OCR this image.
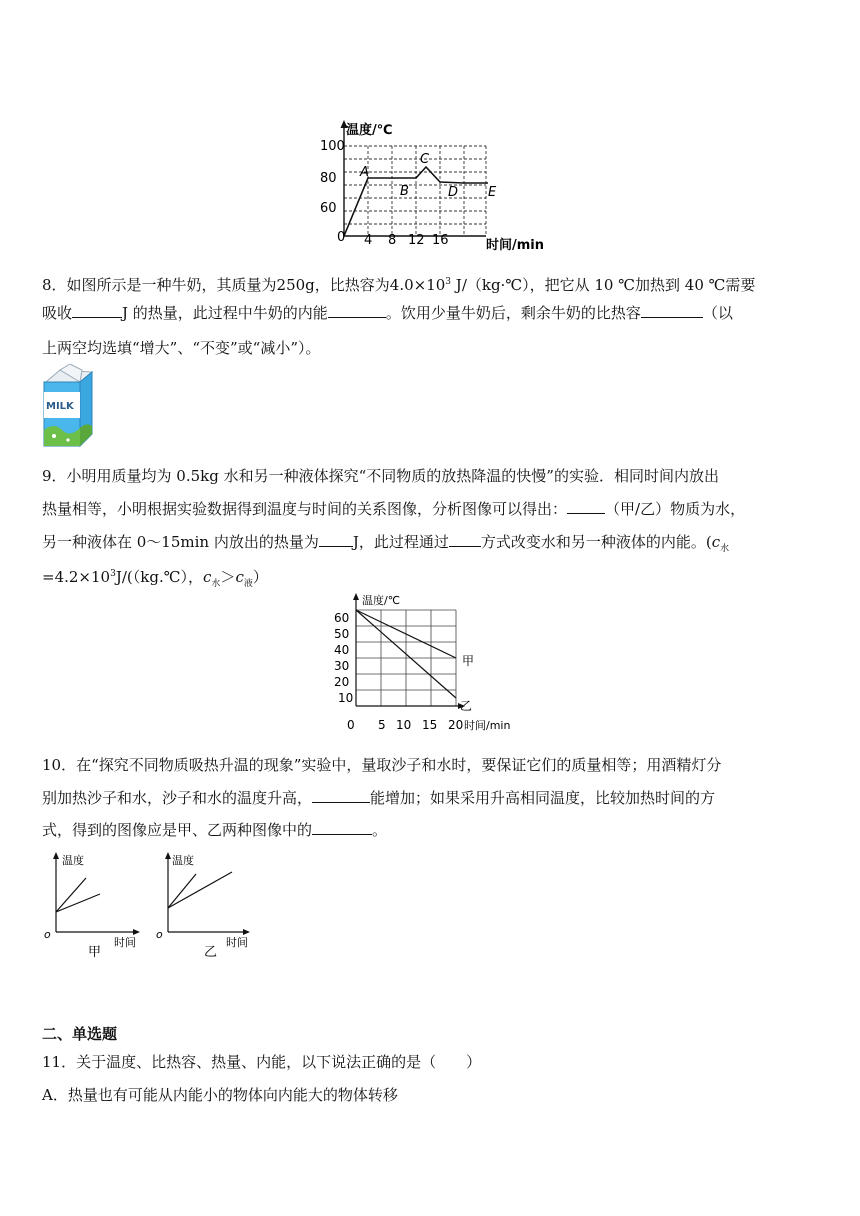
温度/℃
100
80
60
0 4 8 12 16	时间/min
A
B
C
D E
8．如图所示是一种牛奶，其质量为250g，比热容为$4.0\times 10^3$ J/（kg·℃），把它从 10 ℃加热到 40 ℃需要
吸收	J 的热量，此过程中牛奶的内能	。饮用少量牛奶后，剩余牛奶的比热容	（以
上两空均选填“增大”、“不变”或“减小”）。
MILK
9．小明用质量均为 0.5kg 水和另一种液体探究“不同物质的放热降温的快慢”的实验．相同时间内放出
热量相等，小明根据实验数据得到温度与时间的关系图像，分析图像可以得出：	（甲/乙）物质为水，
另一种液体在 0～15min 内放出的热量为 J，此过程通过 方式改变水和另一种液体的内能。($c_水$
$=4.2\times 10^3J/((kg.℃)$，$c_水>c_液$）
温度/℃
60
50
40
30
20
10
0 5 10 15 20 时间/min
甲
乙
10．在“探究不同物质吸热升温的现象”实验中，量取沙子和水时，要保证它们的质量相等；用酒精灯分
别加热沙子和水，沙子和水的温度升高，	能增加；如果采用升高相同温度，比较加热时间的方
式，得到的图像应是甲、乙两种图像中的	。
温度
o
时间
甲
温度
o
时间
乙
二、单选题
11．关于温度、比热容、热量、内能，以下说法正确的是（　　）
A．热量也有可能从内能小的物体向内能大的物体转移
